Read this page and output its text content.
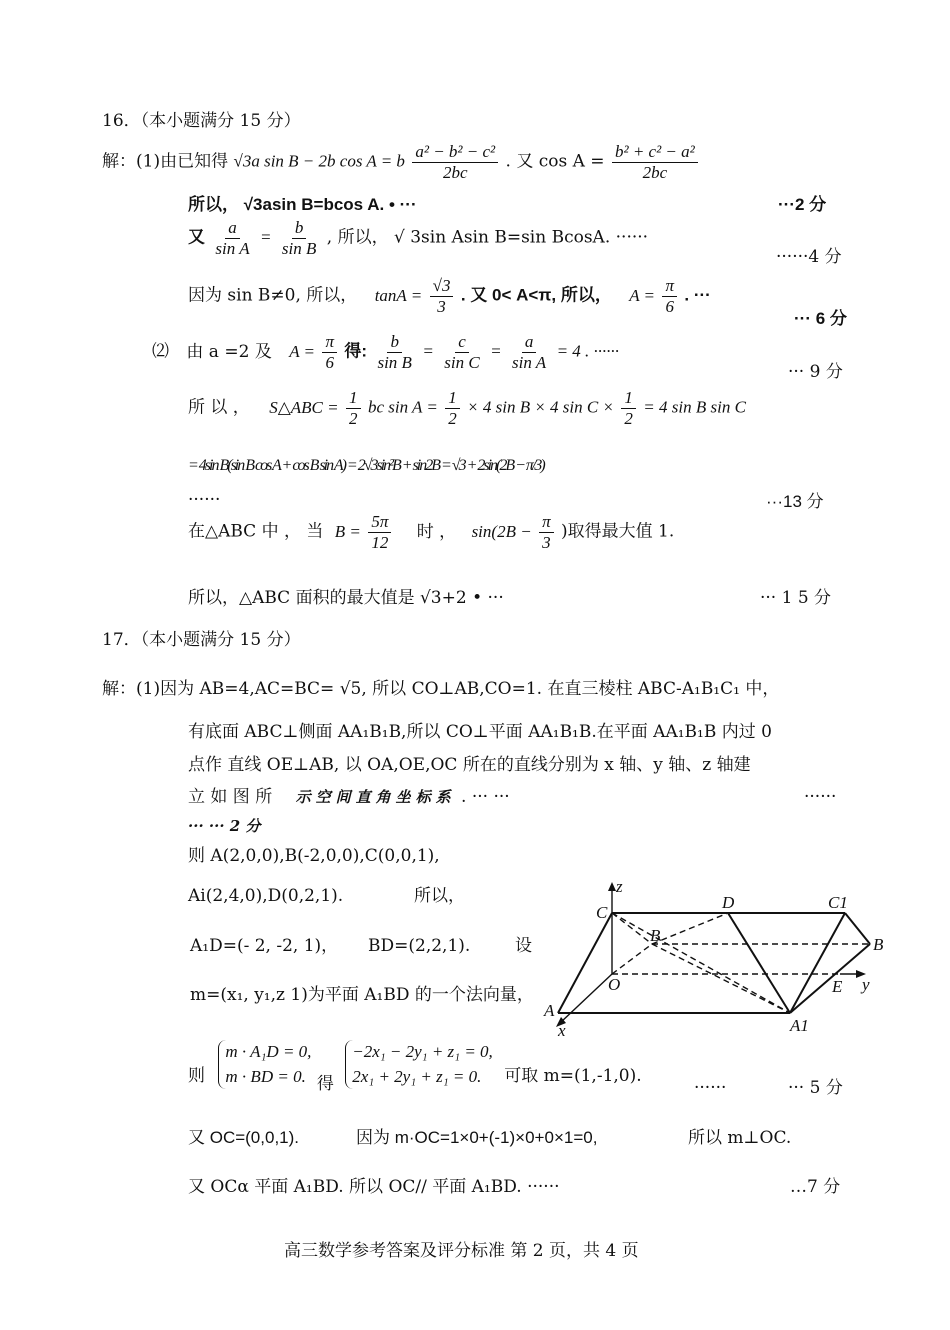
16．（本小题满分 15 分）
解：(1)由已知得 √3a sin B − 2b cos A = b $\frac{\text{a² − b² − c²}}{2bc}$ . 又 $\cos A = \frac{\text{b² + c² − a²}}{2bc}$
所以， √3asin B=bcos A. • ···	···2 分
又 $\frac{a}{\text{sin A}} = \frac{b}{\text{sin B}}$ , 所以， √ 3sin Asin B=sin BcosA. ······
······4 分
因为 sin B≠0, 所以， $\tan A = \frac{√3}{3}$ . 又 0< A<π, 所以， $A = \frac{\pi}{6}$ . ···
··· 6 分
⑵ 由 a =2 及 $A = \frac{\pi}{6}$ 得: $\frac{b}{\text{sin B}} = \frac{c}{\text{sin C}} = \frac{a}{\text{sin A}} = 4$ . ······
··· 9 分
所 以 ， S△ABC = $\frac{1}{2}$ bc $\sin A = \frac{1}{2} \times 4$ sin B × 4 $\sin C \times \frac{1}{2} = 4$ sin B sin C
= 4sin B(sin B cos A + cos B sin A) = 2√3sin²B + sin2B = √3 + 2sin(2B − π/3)
······	···13 分
在△ABC 中 ， 当 $B = \frac{5\pi}{12}$ 时 ， $\sin(2B - \frac{\pi}{3}$ )取得最大值 1.
所以，△ABC 面积的最大值是 √3+2 • ···	··· 1 5 分
17．（本小题满分 15 分）
解：(1)因为 AB=4,AC=BC= √5, 所以 CO⊥AB,CO=1. 在直三棱柱 ABC-A₁B₁C₁ 中，
有底面 ABC⊥侧面 AA₁B₁B,所以 CO⊥平面 AA₁B₁B.在平面 AA₁B₁B 内过 0
点作 直线 OE⊥AB, 以 OA,OE,OC 所在的直线分别为 x 轴、y 轴、z 轴建
立 如 图 所 示空间直角坐标系 . ··· ···	······
··· ··· 2 分
则 A(2,0,0),B(-2,0,0),C(0,0,1),
Ai(2,4,0),D(0,2,1).	所以，
A₁D=(- 2, -2, 1)， BD=(2,2,1).	设
m=(x₁, y₁,z 1)为平面 A₁BD 的一个法向量，
则
m · A₁D = 0,
m · BD = 0. 得
−2x₁ − 2y₁ + z₁ = 0,
2x₁ + 2y₁ + z₁ = 0.	可取 m=(1,-1,0).
······	··· 5 分
又 OC=(0,0,1).	因为 m·OC=1×0+(-1)×0+0×1=0,	所以 m⊥OC.
又 OCα 平面 A₁BD. 所以 OC// 平面 A₁BD. ······	…7 分
z
C
D	C1
B	B
O	E y
A
x	A1
高三数学参考答案及评分标准 第 2 页，共 4 页
